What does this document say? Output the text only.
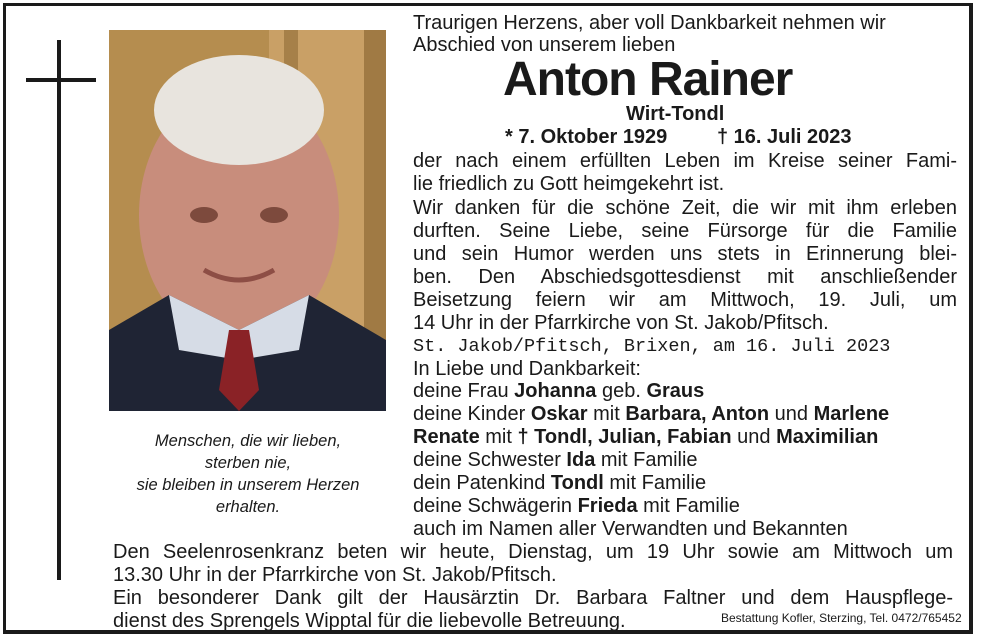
Menschen, die wir lieben,
sterben nie,
sie bleiben in unserem Herzen
erhalten.
Traurigen Herzens, aber voll Dankbarkeit nehmen wir
Abschied von unserem lieben
Anton Rainer
Wirt-Tondl
* 7. Oktober 1929 † 16. Juli 2023
der nach einem erfüllten Leben im Kreise seiner Fami-
lie friedlich zu Gott heimgekehrt ist.
Wir danken für die schöne Zeit, die wir mit ihm erleben
durften. Seine Liebe, seine Fürsorge für die Familie
und sein Humor werden uns stets in Erinnerung blei-
ben. Den Abschiedsgottesdienst mit anschließender
Beisetzung feiern wir am Mittwoch, 19. Juli, um
14 Uhr in der Pfarrkirche von St. Jakob/Pfitsch.
St. Jakob/Pfitsch, Brixen, am 16. Juli 2023
In Liebe und Dankbarkeit:
deine Frau Johanna geb. Graus
deine Kinder Oskar mit Barbara, Anton und Marlene
Renate mit † Tondl, Julian, Fabian und Maximilian
deine Schwester Ida mit Familie
dein Patenkind Tondl mit Familie
deine Schwägerin Frieda mit Familie
auch im Namen aller Verwandten und Bekannten
Den Seelenrosenkranz beten wir heute, Dienstag, um 19 Uhr sowie am Mittwoch um
13.30 Uhr in der Pfarrkirche von St. Jakob/Pfitsch.
Ein besonderer Dank gilt der Hausärztin Dr. Barbara Faltner und dem Hauspflege-
dienst des Sprengels Wipptal für die liebevolle Betreuung.	Bestattung Kofler, Sterzing, Tel. 0472/765452
